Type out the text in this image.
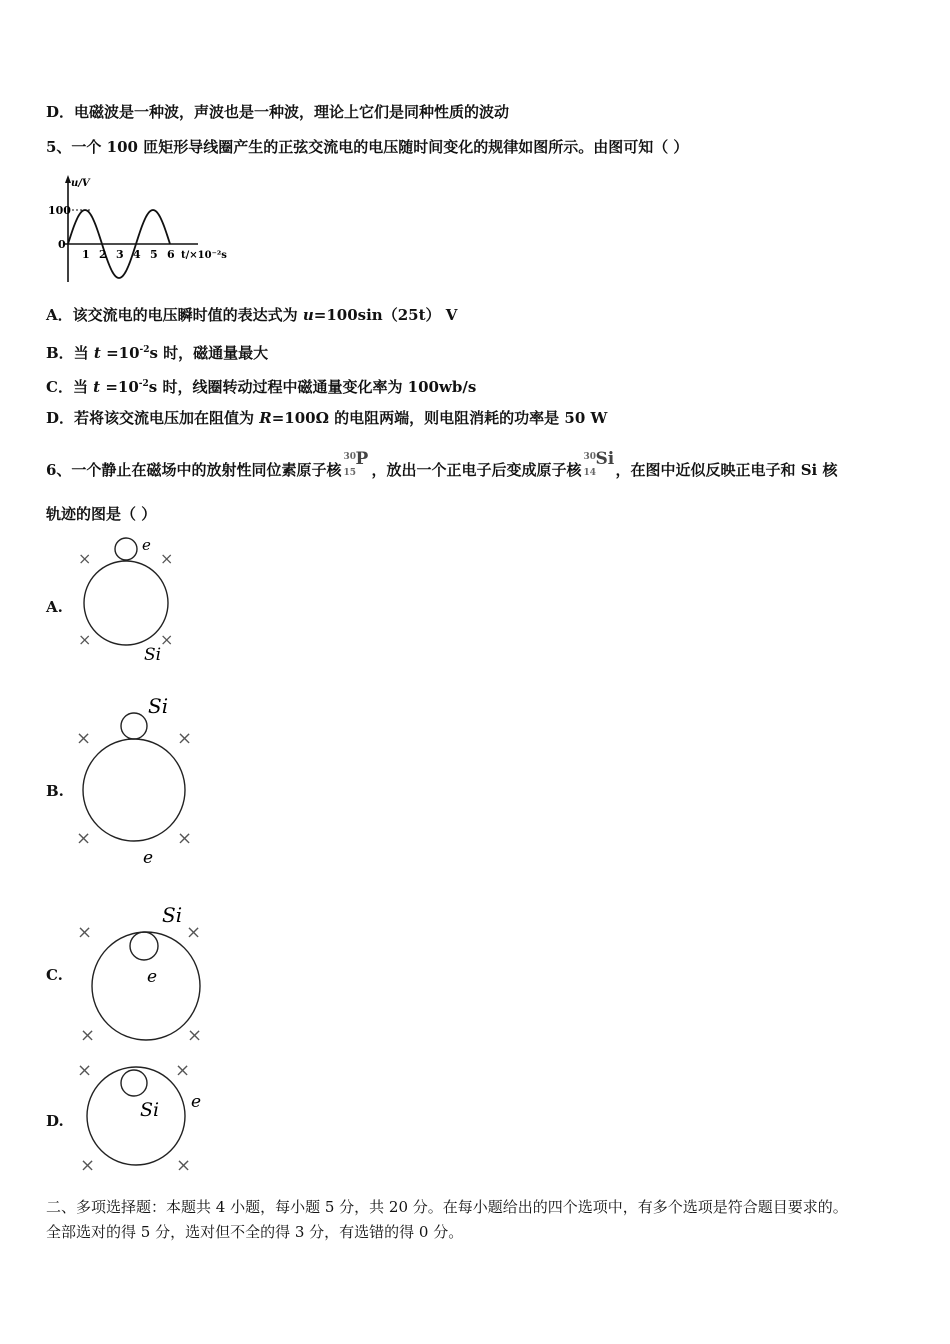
D．电磁波是一种波，声波也是一种波，理论上它们是同种性质的波动
5、一个 100 匝矩形导线圈产生的正弦交流电的电压随时间变化的规律如图所示。由图可知（ ）
u/V
100
0
1 2 3 4 5 6 t/×10⁻²s
A．该交流电的电压瞬时值的表达式为 u=100sin（25t） V
B．当 $t =10^{-2}s$ 时，磁通量最大
C．当 $t =10^{-2}s$ 时，线圈转动过程中磁通量变化率为 100wb/s
D．若将该交流电压加在阻值为 R=100Ω 的电阻两端，则电阻消耗的功率是 50 W
6、一个静止在磁场中的放射性同位素原子核
30
15
P
，放出一个正电子后变成原子核
30
14
Si
，在图中近似反映正电子和 Si 核
轨迹的图是（ ）
A.
×	×
×	×
e
Si
B.
Si
×	×
×	×
e
C.
Si
×	×
e
×	×
D.
×	×
Si e
×	×
二、多项选择题：本题共 4 小题，每小题 5 分，共 20 分。在每小题给出的四个选项中，有多个选项是符合题目要求的。
全部选对的得 5 分，选对但不全的得 3 分，有选错的得 0 分。
